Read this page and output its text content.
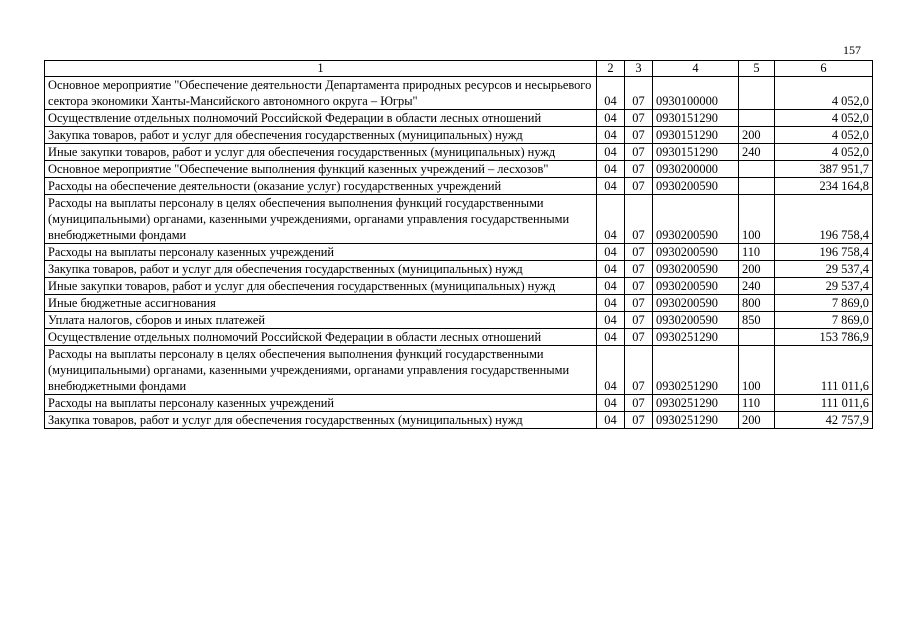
157
1	2	3	4	5	6
Основное мероприятие "Обеспечение деятельности Департамента природных ресурсов и несырьевого сектора экономики Ханты-Мансийского автономного округа – Югры"	04	07	0930100000		4 052,0
Осуществление отдельных полномочий Российской Федерации в области лесных отношений	04	07	0930151290		4 052,0
Закупка товаров, работ и услуг для обеспечения государственных (муниципальных) нужд	04	07	0930151290	200	4 052,0
Иные закупки товаров, работ и услуг для обеспечения государственных (муниципальных) нужд	04	07	0930151290	240	4 052,0
Основное мероприятие "Обеспечение выполнения функций казенных учреждений – лесхозов"	04	07	0930200000		387 951,7
Расходы на обеспечение деятельности (оказание услуг) государственных учреждений	04	07	0930200590		234 164,8
Расходы на выплаты персоналу в целях обеспечения выполнения функций государственными (муниципальными) органами, казенными учреждениями, органами управления государственными внебюджетными фондами	04	07	0930200590	100	196 758,4
Расходы на выплаты персоналу казенных учреждений	04	07	0930200590	110	196 758,4
Закупка товаров, работ и услуг для обеспечения государственных (муниципальных) нужд	04	07	0930200590	200	29 537,4
Иные закупки товаров, работ и услуг для обеспечения государственных (муниципальных) нужд	04	07	0930200590	240	29 537,4
Иные бюджетные ассигнования	04	07	0930200590	800	7 869,0
Уплата налогов, сборов и иных платежей	04	07	0930200590	850	7 869,0
Осуществление отдельных полномочий Российской Федерации в области лесных отношений	04	07	0930251290		153 786,9
Расходы на выплаты персоналу в целях обеспечения выполнения функций государственными (муниципальными) органами, казенными учреждениями, органами управления государственными внебюджетными фондами	04	07	0930251290	100	111 011,6
Расходы на выплаты персоналу казенных учреждений	04	07	0930251290	110	111 011,6
Закупка товаров, работ и услуг для обеспечения государственных (муниципальных) нужд	04	07	0930251290	200	42 757,9
